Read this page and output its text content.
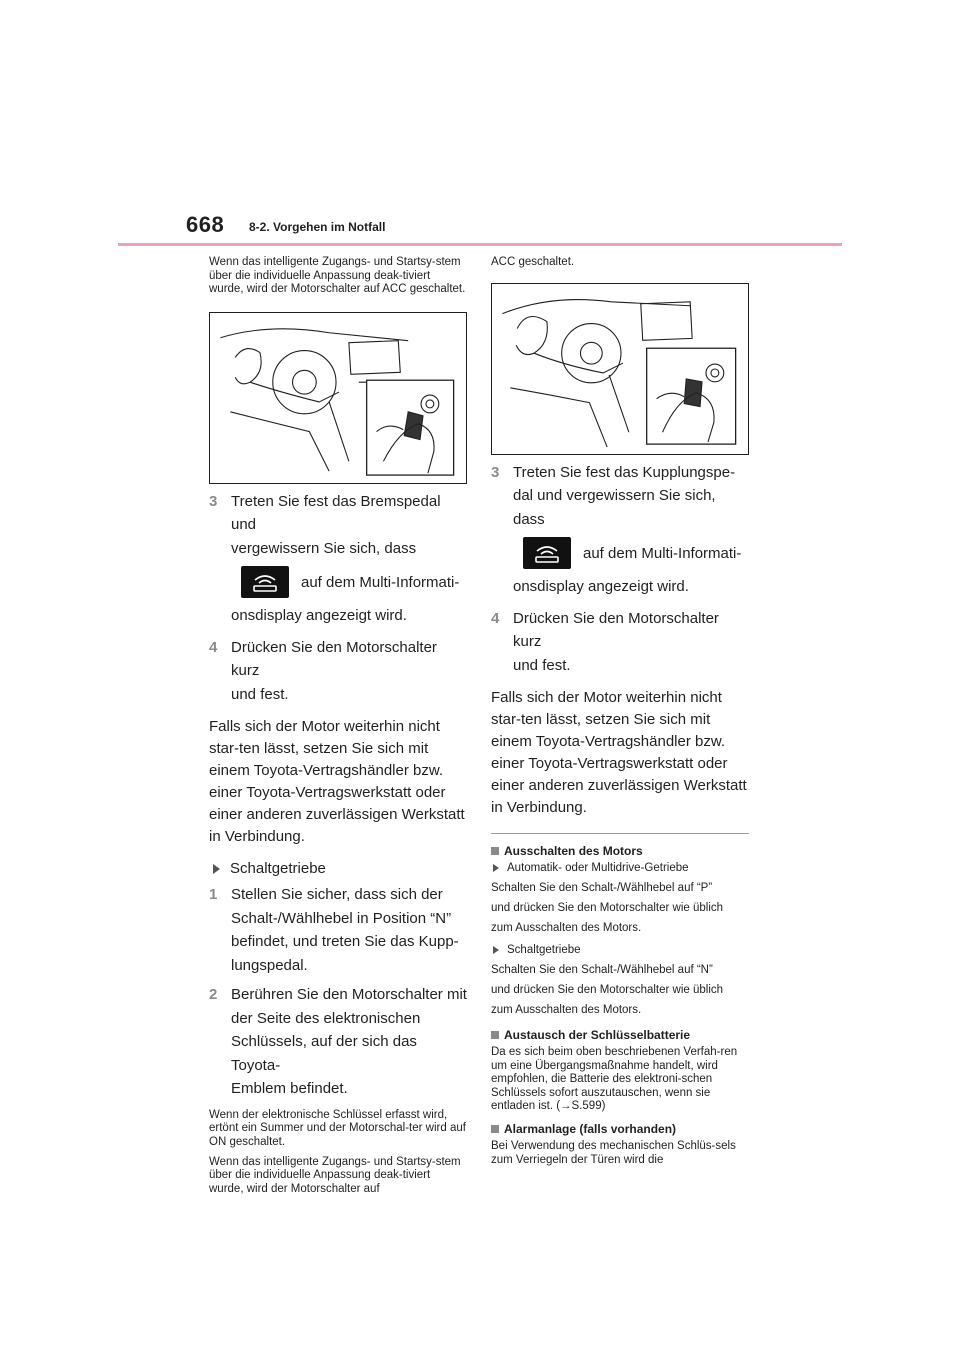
668 8-2. Vorgehen im Notfall

Wenn das intelligente Zugangs- und Startsy-stem über die individuelle Anpassung deak-tiviert wurde, wird der Motorschalter auf ACC geschaltet.

3 Treten Sie fest das Bremspedal und
vergewissern Sie sich, dass
auf dem Multi-Informati-
onsdisplay angezeigt wird.
4 Drücken Sie den Motorschalter kurz
und fest.

Falls sich der Motor weiterhin nicht star-ten lässt, setzen Sie sich mit einem Toyota-Vertragshändler bzw. einer Toyota-Vertragswerkstatt oder einer anderen zuverlässigen Werkstatt in Verbindung.

Schaltgetriebe
1 Stellen Sie sicher, dass sich der
Schalt-/Wählhebel in Position “N”
befindet, und treten Sie das Kupp-
lungspedal.
2 Berühren Sie den Motorschalter mit
der Seite des elektronischen
Schlüssels, auf der sich das Toyota-
Emblem befindet.

Wenn der elektronische Schlüssel erfasst wird, ertönt ein Summer und der Motorschal-ter wird auf ON geschaltet.

Wenn das intelligente Zugangs- und Startsy-stem über die individuelle Anpassung deak-tiviert wurde, wird der Motorschalter auf

ACC geschaltet.

3 Treten Sie fest das Kupplungspe-
dal und vergewissern Sie sich, dass
auf dem Multi-Informati-
onsdisplay angezeigt wird.
4 Drücken Sie den Motorschalter kurz
und fest.

Falls sich der Motor weiterhin nicht star-ten lässt, setzen Sie sich mit einem Toyota-Vertragshändler bzw. einer Toyota-Vertragswerkstatt oder einer anderen zuverlässigen Werkstatt in Verbindung.

Ausschalten des Motors
Automatik- oder Multidrive-Getriebe

Schalten Sie den Schalt-/Wählhebel auf “P”

und drücken Sie den Motorschalter wie üblich

zum Ausschalten des Motors.

Schaltgetriebe

Schalten Sie den Schalt-/Wählhebel auf “N”

und drücken Sie den Motorschalter wie üblich

zum Ausschalten des Motors.

Austausch der Schlüsselbatterie

Da es sich beim oben beschriebenen Verfah-ren um eine Übergangsmaßnahme handelt, wird empfohlen, die Batterie des elektroni-schen Schlüssels sofort auszutauschen, wenn sie entladen ist. (→S.599)

Alarmanlage (falls vorhanden)

Bei Verwendung des mechanischen Schlüs-sels zum Verriegeln der Türen wird die
